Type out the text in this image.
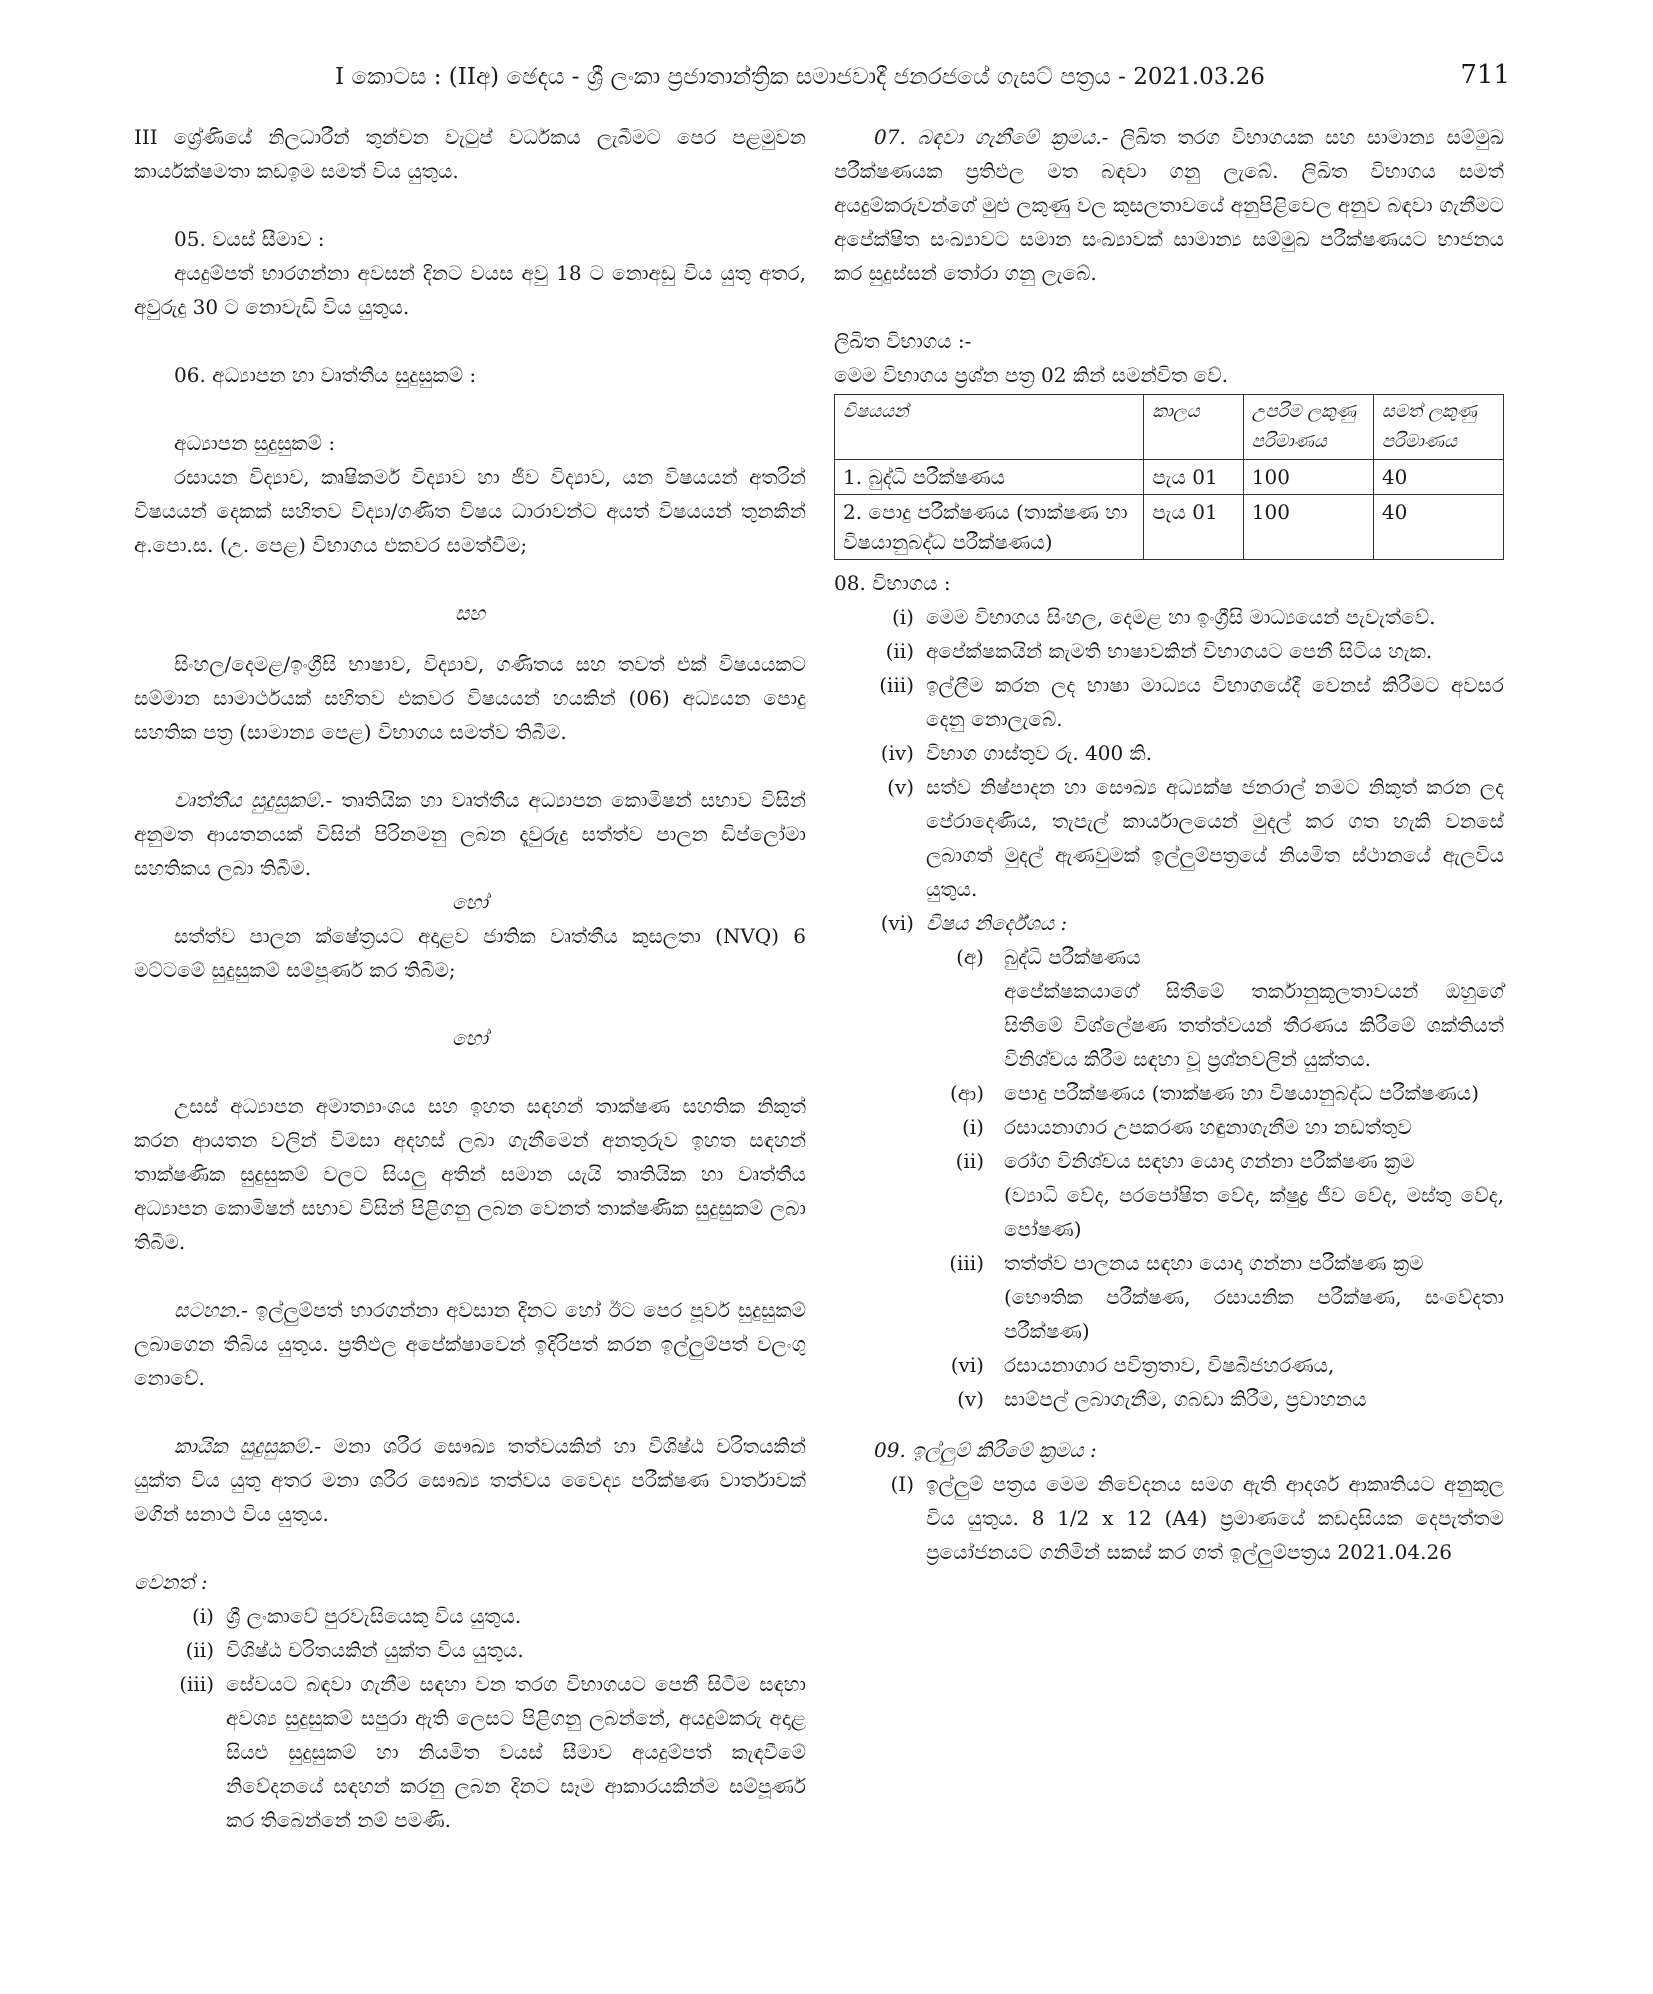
I කොටස : (IIඅ) ඡෙදය - ශ්‍රී ලංකා ප්‍රජාතාන්ත්‍රික සමාජවාදී ජනරජයේ ගැසට් පත්‍රය - 2021.03.26	711

III ශ්‍රේණියේ නිලධාරීන් තුන්වන වැටුප් වර්ධකය ලැබීමට පෙර පළමුවන කාර්යක්ෂමතා කඩඉම සමත් විය යුතුය.

05. වයස් සීමාව :

අයදුම්පත් භාරගන්නා අවසන් දිනට වයස අවු 18 ට නොඅඩු විය යුතු අතර, අවුරුදු 30 ට නොවැඩි විය යුතුය.

06. අධ්‍යාපන හා වෘත්තීය සුදුසුකම් :

අධ්‍යාපන සුදුසුකම් :

රසායන විද්‍යාව, කෘෂිකර්ම විද්‍යාව හා ජීව විද්‍යාව, යන විෂයයන් අතරින් විෂයයන් දෙකක් සහිතව විද්‍යා/ගණිත විෂය ධාරාවන්ට අයත් විෂයයන් තුනකින් අ.පො.ස. (උ. පෙළ) විභාගය එකවර සමත්වීම;

සහ

සිංහල/දෙමළ/ඉංග්‍රීසි භාෂාව, විද්‍යාව, ගණිතය සහ තවත් එක් විෂයයකට සම්මාන සාමාර්ථයක් සහිතව එකවර විෂයයන් හයකින් (06) අධ්‍යයන පොදු සහතික පත්‍ර (සාමාන්‍ය පෙළ) විභාගය සමත්ව තිබීම.

වෘත්තීය සුදුසුකම්.- තෘතියික හා වෘත්තීය අධ්‍යාපන කොමිෂන් සභාව විසින් අනුමත ආයතනයක් විසින් පිරිනමනු ලබන දෑවුරුදු සත්ත්ව පාලන ඩිප්ලෝමා සහතිකය ලබා තිබීම.

හෝ

සත්ත්ව පාලන ක්ෂේත්‍රයට අදාළව ජාතික වෘත්තීය කුසලතා (NVQ) 6 මට්ටමේ සුදුසුකම් සම්පූර්ණ කර තිබීම;

හෝ

උසස් අධ්‍යාපන අමාත්‍යාංශය සහ ඉහත සඳහන් තාක්ෂණ සහතික නිකුත් කරන ආයතන වලින් විමසා අදහස් ලබා ගැනීමෙන් අනතුරුව ඉහත සඳහන් තාක්ෂණික සුදුසුකම් වලට සියලු අතින් සමාන යැයි තෘතියික හා වෘත්තීය අධ්‍යාපන කොමිෂන් සභාව විසින් පිළිගනු ලබන වෙනත් තාක්ෂණික සුදුසුකම් ලබා තිබීම.

සටහන.- ඉල්ලුම්පත් භාරගන්නා අවසාන දිනට හෝ ඊට පෙර පූර්ව සුදුසුකම් ලබාගෙන තිබිය යුතුය. ප්‍රතිඵල අපේක්ෂාවෙන් ඉදිරිපත් කරන ඉල්ලුම්පත් වලංගු නොවේ.

කායික සුදුසුකම්.- මනා ශරීර සෞඛ්‍ය තත්වයකින් හා විශිෂ්ඨ චරිතයකින් යුක්ත විය යුතු අතර මනා ශරීර සෞඛ්‍ය තත්වය වෛද්‍ය පරීක්ෂණ වාර්තාවක් මගින් සනාථ විය යුතුය.

වෙනත් :

(i) ශ්‍රී ලංකාවේ පුරවැසියෙකු විය යුතුය.

(ii) විශිෂ්ඨ චරිතයකින් යුක්ත විය යුතුය.

(iii) සේවයට බඳවා ගැනීම සඳහා වන තරග විභාගයට පෙනී සිටීම සඳහා අවශ්‍ය සුදුසුකම් සපුරා ඇති ලෙසට පිළිගනු ලබන්නේ, අයදුම්කරු අදාළ සියළු සුදුසුකම් හා නියමිත වයස් සීමාව අයදුම්පත් කැඳවීමේ නිවේදනයේ සඳහන් කරනු ලබන දිනට සෑම ආකාරයකින්ම සම්පූර්ණ කර තිබෙන්නේ නම් පමණි.

07. බඳවා ගැනීමේ ක්‍රමය.- ලිඛිත තරග විභාගයක සහ සාමාන්‍ය සම්මුඛ පරීක්ෂණයක ප්‍රතිඵල මත බඳවා ගනු ලැබේ. ලිඛිත විභාගය සමත් අයදුම්කරුවන්ගේ මුළු ලකුණු වල කුසලතාවයේ අනුපිළිවෙල අනුව බඳවා ගැනීමට අපේක්ෂිත සංඛ්‍යාවට සමාන සංඛ්‍යාවක් සාමාන්‍ය සම්මුඛ පරීක්ෂණයට භාජනය කර සුදුස්සන් තෝරා ගනු ලැබේ.

ලිඛිත විභාගය :-

මෙම විභාගය ප්‍රශ්න පත්‍ර 02 කින් සමන්විත වේ.

විෂයයන්	කාලය	උපරිම ලකුණු පරිමාණය	සමත් ලකුණු පරිමාණය
1. බුද්ධි පරීක්ෂණය	පැය 01	100	40
2. පොදු පරීක්ෂණය (තාක්ෂණ හා විෂයානුබද්ධ පරීක්ෂණය)	පැය 01	100	40

08. විභාගය :

(i) මෙම විභාගය සිංහල, දෙමළ හා ඉංග්‍රීසි මාධ්‍යයෙන් පැවැත්වේ.

(ii) අපේක්ෂකයින් කැමති භාෂාවකින් විභාගයට පෙනී සිටිය හැක.

(iii) ඉල්ලීම කරන ලද භාෂා මාධ්‍යය විභාගයේදී වෙනස් කිරීමට අවසර දෙනු නොලැබේ.

(iv) විභාග ගාස්තුව රු. 400 කි.

(v) සත්ව නිෂ්පාදන හා සෞඛ්‍ය අධ්‍යක්ෂ ජනරාල් නමට නිකුත් කරන ලද පේරාදෙණිය, තැපැල් කාර්යාලයෙන් මුදල් කර ගත හැකි වනසේ ලබාගත් මුදල් ඇණවුමක් ඉල්ලුම්පත්‍රයේ නියමිත ස්ථානයේ ඇලවිය යුතුය.

(vi) විෂය නිර්දේශය :

(අ) බුද්ධි පරීක්ෂණය

අපේක්ෂකයාගේ සිතීමේ තර්කානුකූලතාවයන් ඔහුගේ සිතීමේ විශ්ලේෂණ තත්ත්වයන් තීරණය කිරීමේ ශක්තියත් විනිශ්චය කිරීම සඳහා වූ ප්‍රශ්නවලින් යුක්තය.

(ආ) පොදු පරීක්ෂණය (තාක්ෂණ හා විෂයානුබද්ධ පරීක්ෂණය)

(i) රසායනාගාර උපකරණ හඳුනාගැනීම හා නඩත්තුව

(ii) රෝග විනිශ්චය සඳහා යොදා ගන්නා පරීක්ෂණ ක්‍රම

(ව්‍යාධි වේද, පරපෝෂිත වේද, ක්ෂුද්‍ර ජීව වේද, මස්තු වේද, පෝෂණ)

(iii) තත්ත්ව පාලනය සඳහා යොදා ගන්නා පරීක්ෂණ ක්‍රම

(භෞතික පරීක්ෂණ, රසායනික පරීක්ෂණ, සංවේදතා පරීක්ෂණ)

(vi) රසායනාගාර පවිත්‍රතාව, විෂබීජහරණය,

(v) සාම්පල් ලබාගැනීම, ගබඩා කිරීම, ප්‍රවාහනය

09. ඉල්ලුම් කිරීමේ ක්‍රමය :

(I) ඉල්ලුම් පත්‍රය මෙම නිවේදනය සමග ඇති ආදර්ශ ආකෘතියට අනුකූල විය යුතුය. 8 1/2 x 12 (A4) ප්‍රමාණයේ කඩදාසියක දෙපැත්තම ප්‍රයෝජනයට ගනිමින් සකස් කර ගත් ඉල්ලුම්පත්‍රය 2021.04.26
